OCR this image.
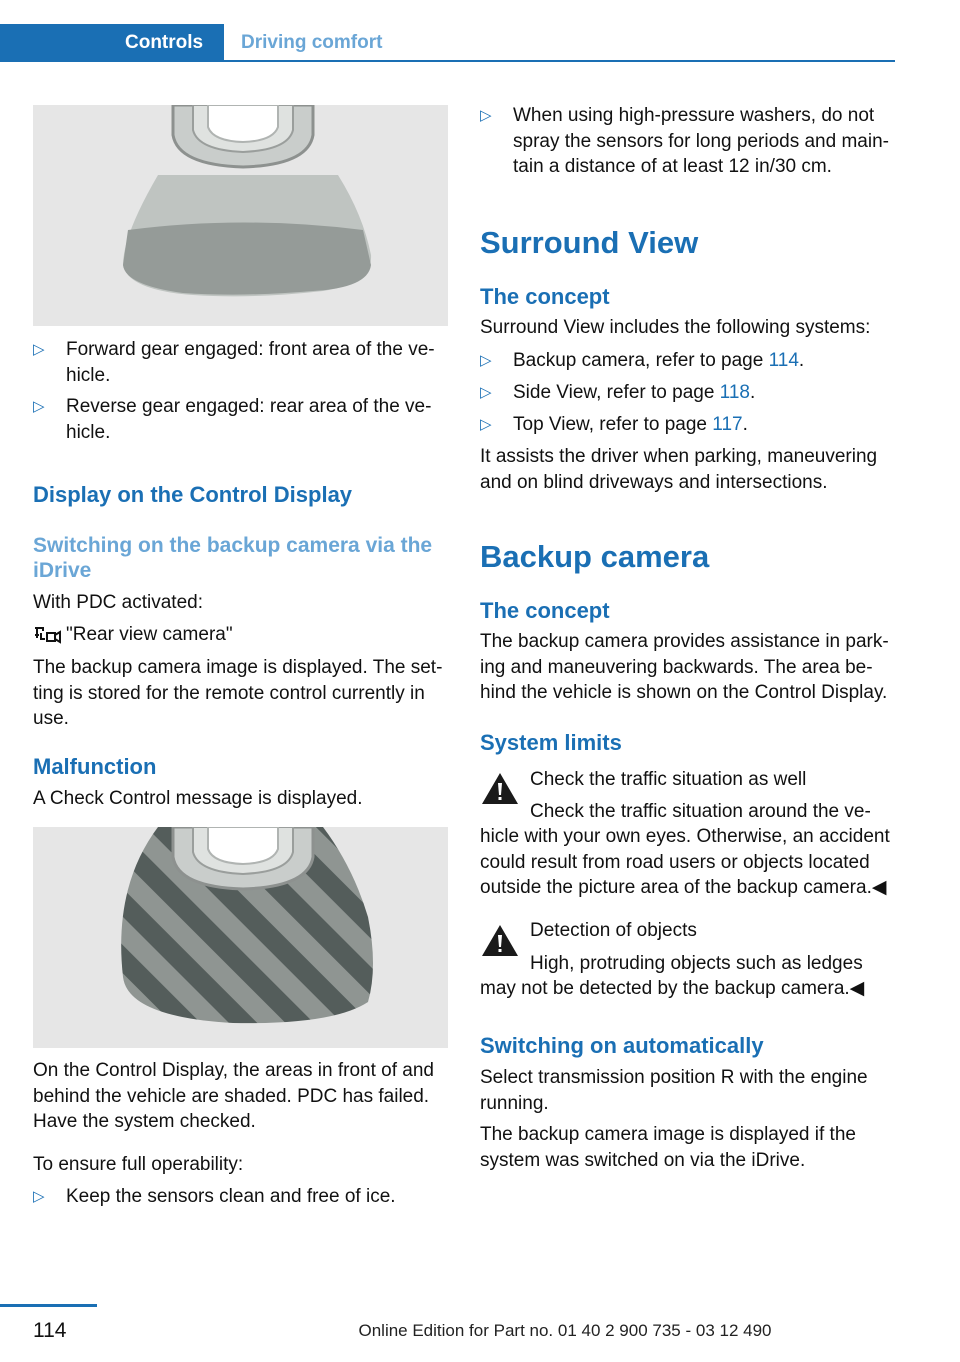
Controls Driving comfort
▷ Forward gear engaged: front area of the ve‐hicle.
▷ Reverse gear engaged: rear area of the ve‐hicle.
Display on the Control Display
Switching on the backup camera via the iDrive
With PDC activated:
"Rear view camera"
The backup camera image is displayed. The set‐ting is stored for the remote control currently in use.
Malfunction
A Check Control message is displayed.
On the Control Display, the areas in front of and behind the vehicle are shaded. PDC has failed. Have the system checked.
To ensure full operability:
▷ Keep the sensors clean and free of ice.
▷ When using high-pressure washers, do not spray the sensors for long periods and main‐tain a distance of at least 12 in/30 cm.
Surround View
The concept
Surround View includes the following systems:
▷ Backup camera, refer to page 114.
▷ Side View, refer to page 118.
▷ Top View, refer to page 117.
It assists the driver when parking, maneuvering and on blind driveways and intersections.
Backup camera
The concept
The backup camera provides assistance in park‐ing and maneuvering backwards. The area be‐hind the vehicle is shown on the Control Display.
System limits
Check the traffic situation as well
Check the traffic situation around the ve‐
hicle with your own eyes. Otherwise, an accident could result from road users or objects located outside the picture area of the backup camera.◀
Detection of objects
High, protruding objects such as ledges
may not be detected by the backup camera.◀
Switching on automatically
Select transmission position R with the engine running.
The backup camera image is displayed if the system was switched on via the iDrive.
114	Online Edition for Part no. 01 40 2 900 735 - 03 12 490
